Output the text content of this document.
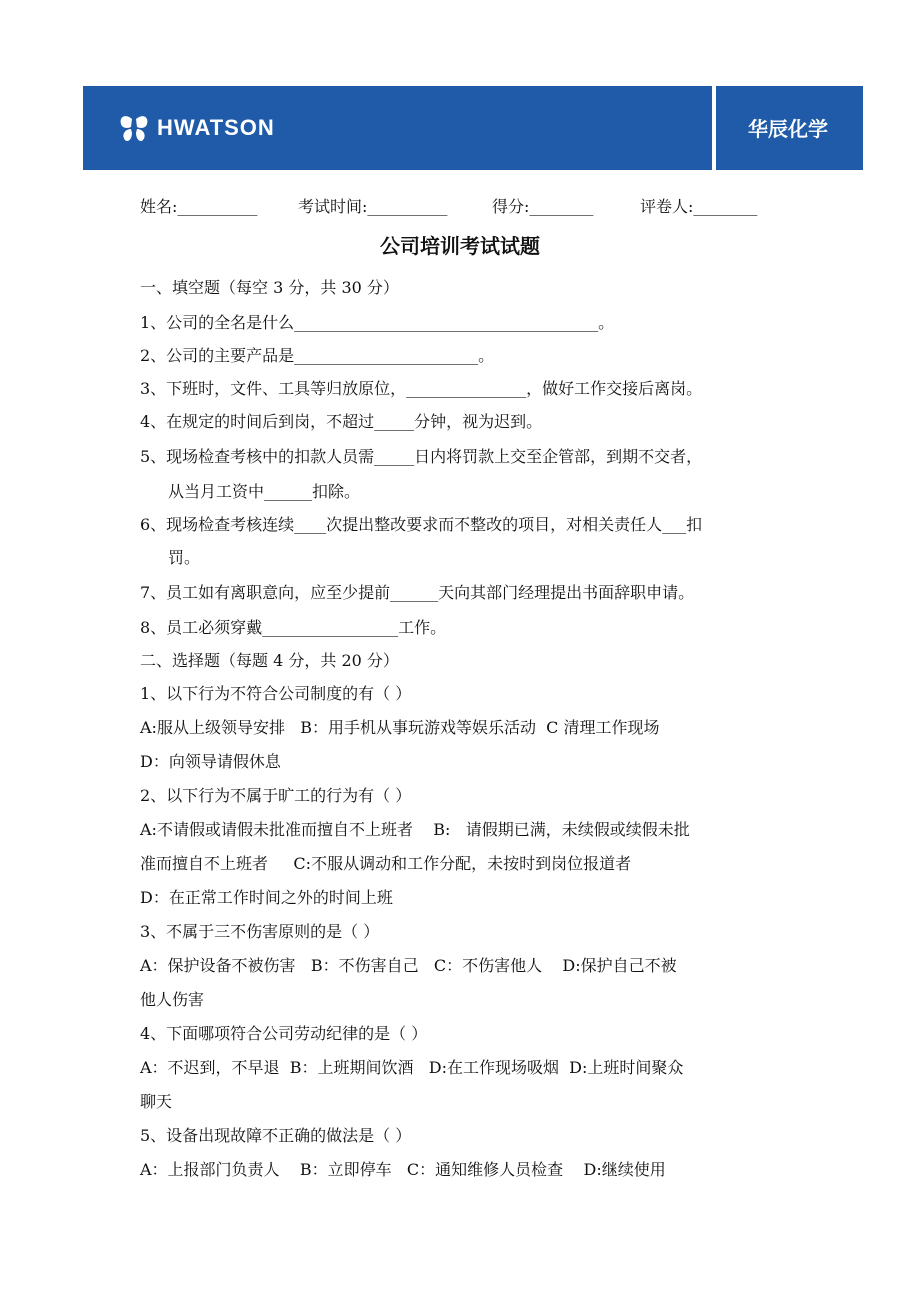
HWATSON	华辰化学
姓名:__________	考试时间:__________	得分:________	评卷人:________
公司培训考试试题
一、填空题（每空 3 分，共 30 分）
1、公司的全名是什么______________________________________。
2、公司的主要产品是_______________________。
3、下班时，文件、工具等归放原位，_______________，做好工作交接后离岗。
4、在规定的时间后到岗，不超过_____分钟，视为迟到。
5、现场检查考核中的扣款人员需_____日内将罚款上交至企管部，到期不交者，
从当月工资中______扣除。
6、现场检查考核连续____次提出整改要求而不整改的项目，对相关责任人___扣
罚。
7、员工如有离职意向，应至少提前______天向其部门经理提出书面辞职申请。
8、员工必须穿戴_________________工作。
二、选择题（每题 4 分，共 20 分）
1、以下行为不符合公司制度的有（ ）
A:服从上级领导安排   B：用手机从事玩游戏等娱乐活动  C 清理工作现场
D：向领导请假休息
2、以下行为不属于旷工的行为有（ ）
A:不请假或请假未批准而擅自不上班者    B:   请假期已满，未续假或续假未批
准而擅自不上班者     C:不服从调动和工作分配，未按时到岗位报道者
D：在正常工作时间之外的时间上班
3、不属于三不伤害原则的是（ ）
A：保护设备不被伤害   B：不伤害自己   C：不伤害他人    D:保护自己不被
他人伤害
4、下面哪项符合公司劳动纪律的是（ ）
A：不迟到，不早退  B：上班期间饮酒   D:在工作现场吸烟  D:上班时间聚众
聊天
5、设备出现故障不正确的做法是（ ）
A：上报部门负责人    B：立即停车   C：通知维修人员检查    D:继续使用
